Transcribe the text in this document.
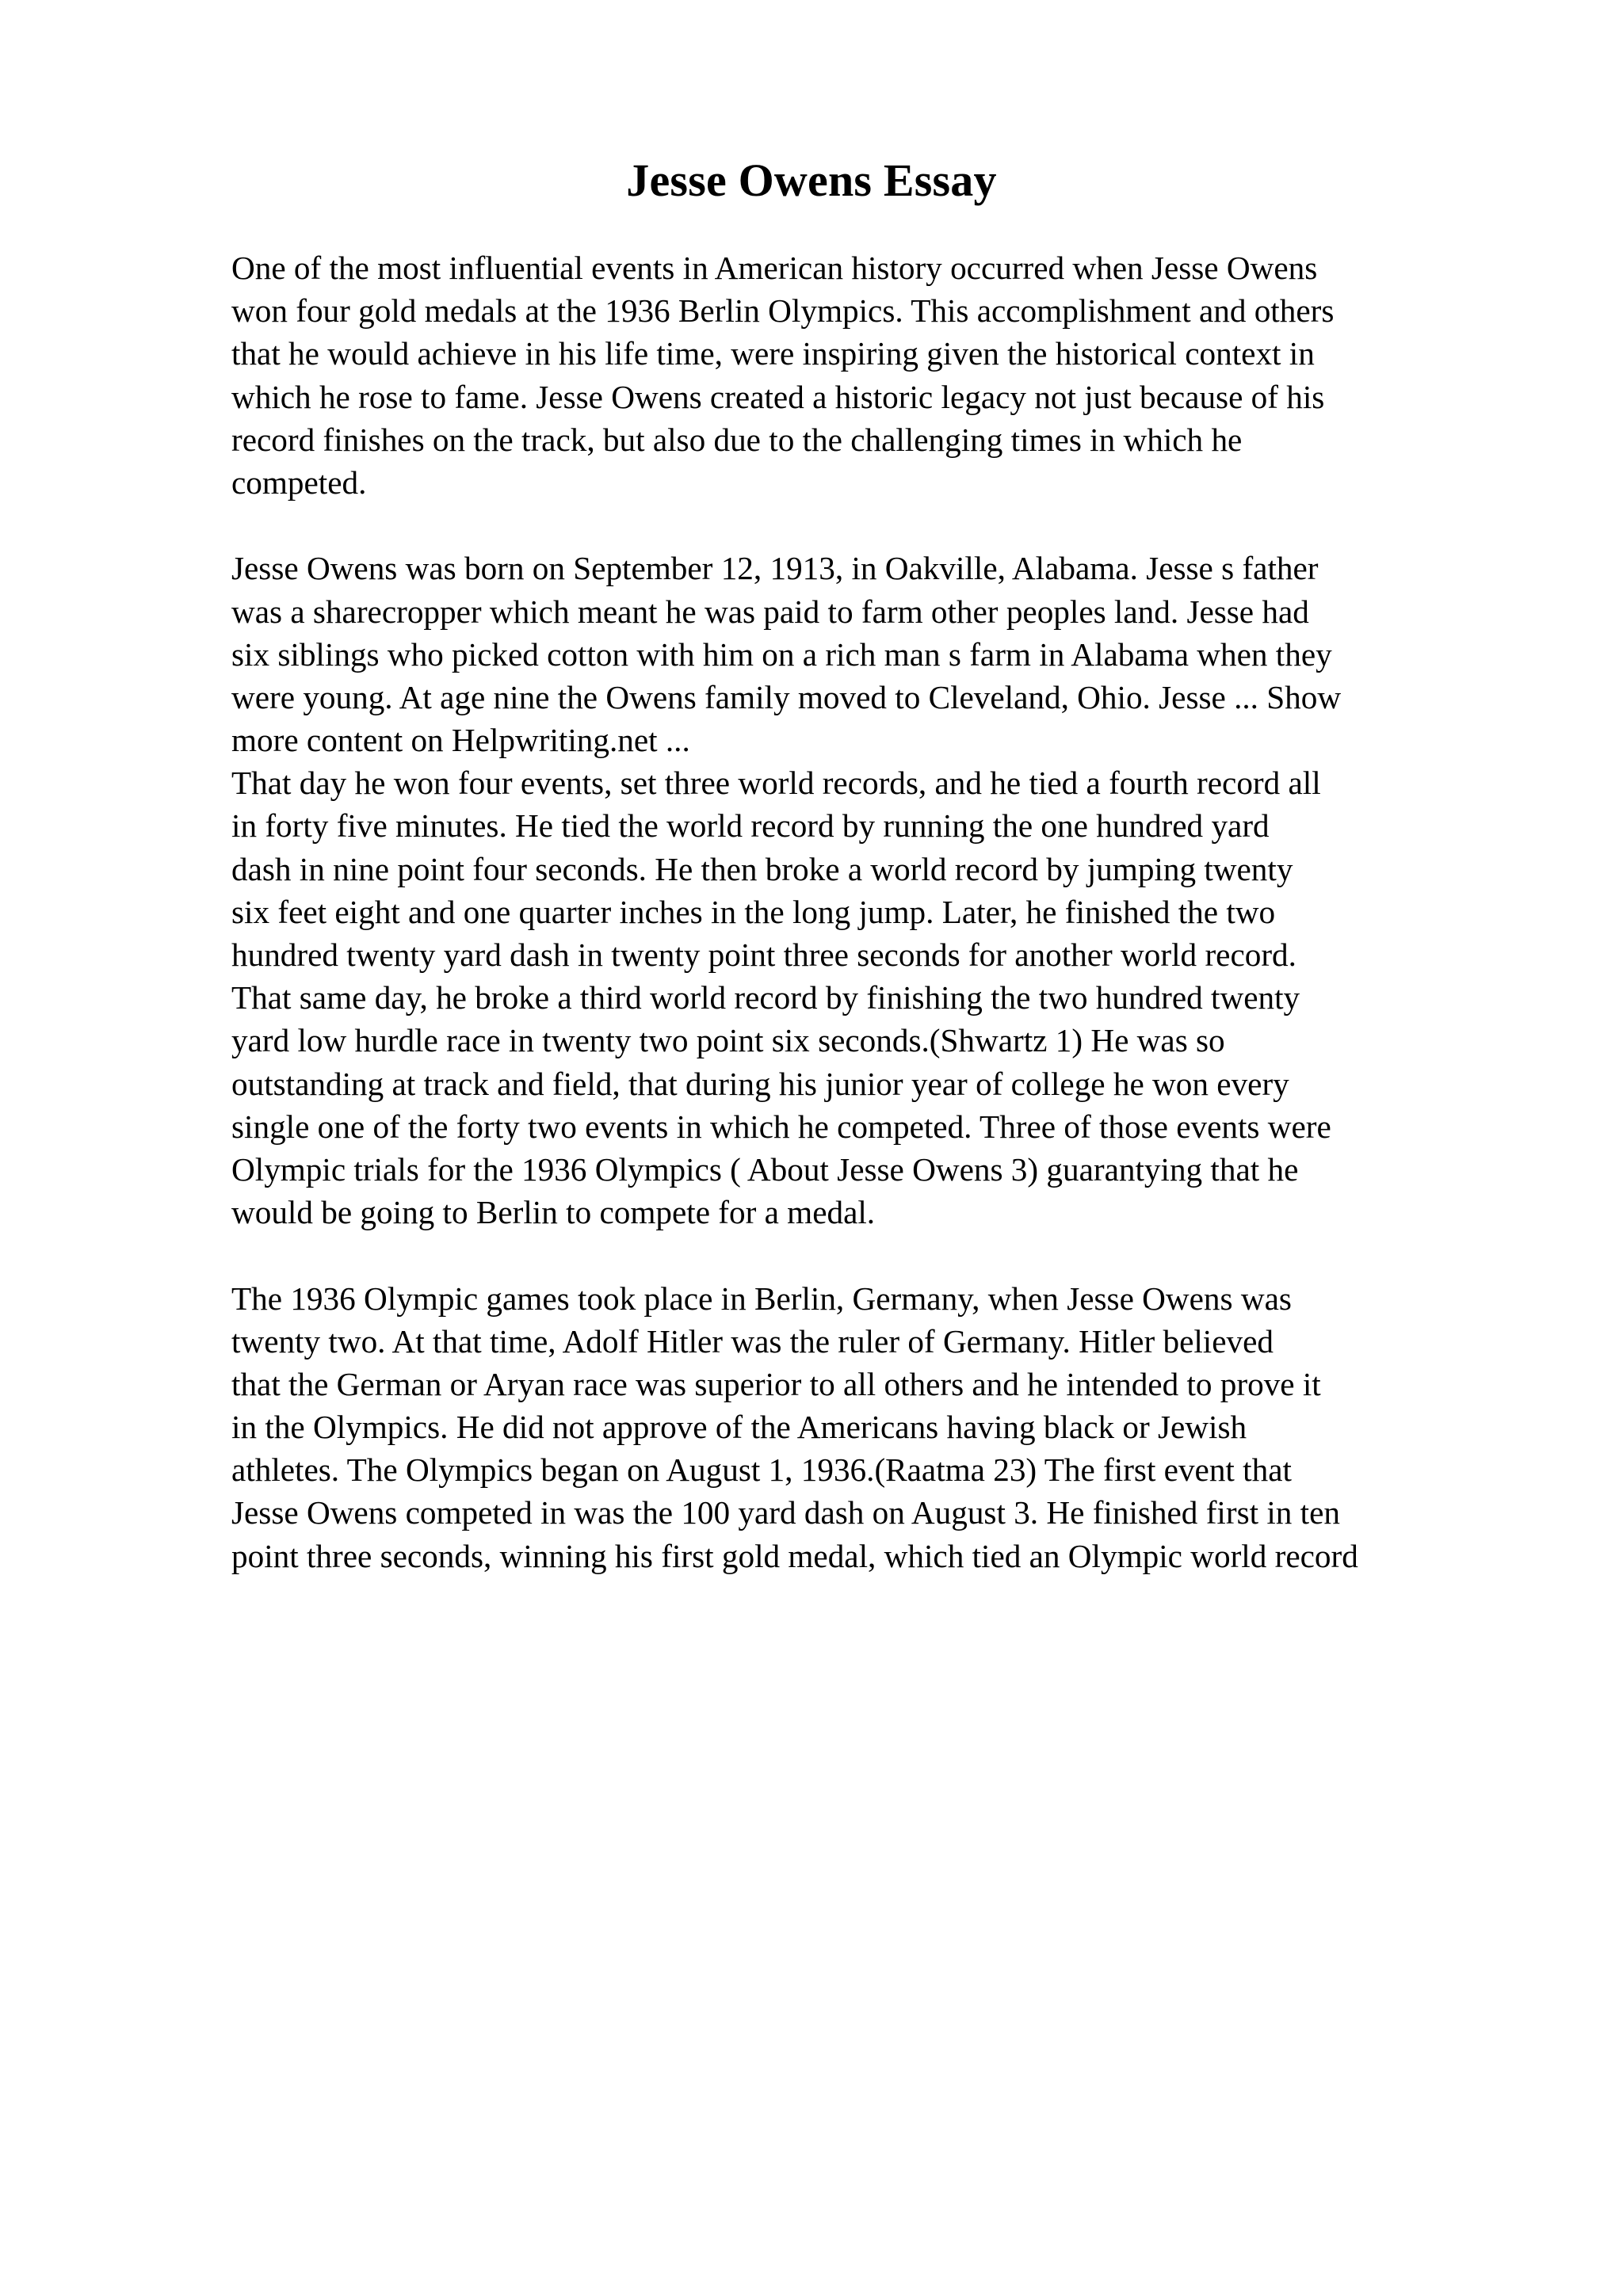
Jesse Owens Essay

One of the most influential events in American history occurred when Jesse Owens
won four gold medals at the 1936 Berlin Olympics. This accomplishment and others
that he would achieve in his life time, were inspiring given the historical context in
which he rose to fame. Jesse Owens created a historic legacy not just because of his
record finishes on the track, but also due to the challenging times in which he
competed.

Jesse Owens was born on September 12, 1913, in Oakville, Alabama. Jesse s father
was a sharecropper which meant he was paid to farm other peoples land. Jesse had
six siblings who picked cotton with him on a rich man s farm in Alabama when they
were young. At age nine the Owens family moved to Cleveland, Ohio. Jesse ... Show
more content on Helpwriting.net ...

That day he won four events, set three world records, and he tied a fourth record all
in forty five minutes. He tied the world record by running the one hundred yard
dash in nine point four seconds. He then broke a world record by jumping twenty
six feet eight and one quarter inches in the long jump. Later, he finished the two
hundred twenty yard dash in twenty point three seconds for another world record.
That same day, he broke a third world record by finishing the two hundred twenty
yard low hurdle race in twenty two point six seconds.(Shwartz 1) He was so
outstanding at track and field, that during his junior year of college he won every
single one of the forty two events in which he competed. Three of those events were
Olympic trials for the 1936 Olympics ( About Jesse Owens 3) guarantying that he
would be going to Berlin to compete for a medal.

The 1936 Olympic games took place in Berlin, Germany, when Jesse Owens was
twenty two. At that time, Adolf Hitler was the ruler of Germany. Hitler believed
that the German or Aryan race was superior to all others and he intended to prove it
in the Olympics. He did not approve of the Americans having black or Jewish
athletes. The Olympics began on August 1, 1936.(Raatma 23) The first event that
Jesse Owens competed in was the 100 yard dash on August 3. He finished first in ten
point three seconds, winning his first gold medal, which tied an Olympic world record
